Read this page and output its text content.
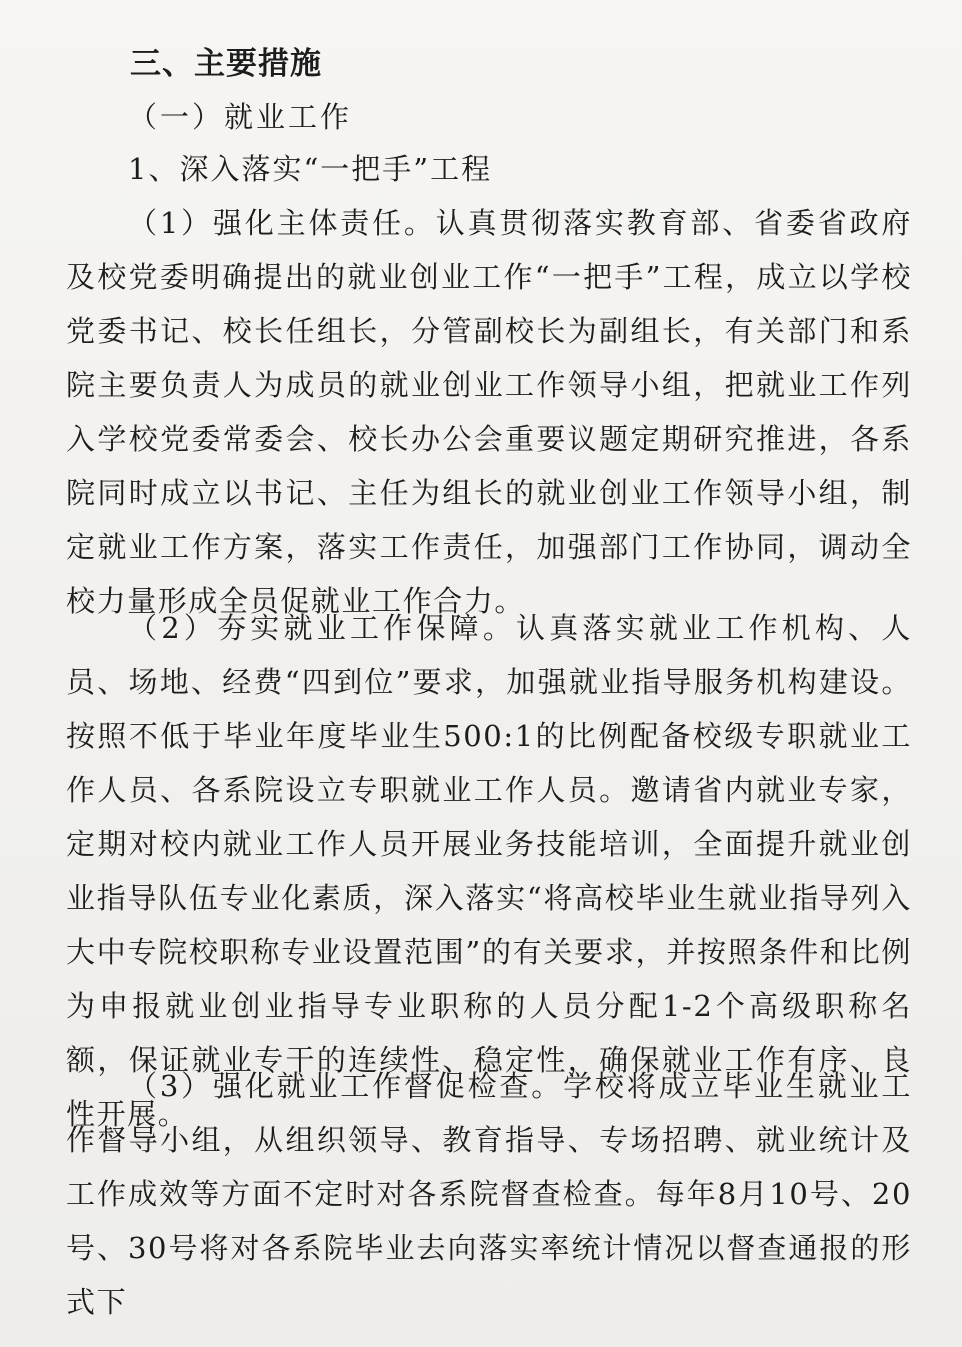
三、主要措施
（一）就业工作
1、深入落实“一把手”工程

（1）强化主体责任。认真贯彻落实教育部、省委省政府及校党委明确提出的就业创业工作“一把手”工程，成立以学校党委书记、校长任组长，分管副校长为副组长，有关部门和系院主要负责人为成员的就业创业工作领导小组，把就业工作列入学校党委常委会、校长办公会重要议题定期研究推进，各系院同时成立以书记、主任为组长的就业创业工作领导小组，制定就业工作方案，落实工作责任，加强部门工作协同，调动全校力量形成全员促就业工作合力。

（2）夯实就业工作保障。认真落实就业工作机构、人员、场地、经费“四到位”要求，加强就业指导服务机构建设。按照不低于毕业年度毕业生500:1的比例配备校级专职就业工作人员、各系院设立专职就业工作人员。邀请省内就业专家，定期对校内就业工作人员开展业务技能培训，全面提升就业创业指导队伍专业化素质，深入落实“将高校毕业生就业指导列入大中专院校职称专业设置范围”的有关要求，并按照条件和比例为申报就业创业指导专业职称的人员分配1-2个高级职称名额，保证就业专干的连续性、稳定性，确保就业工作有序、良性开展。

（3）强化就业工作督促检查。学校将成立毕业生就业工作督导小组，从组织领导、教育指导、专场招聘、就业统计及工作成效等方面不定时对各系院督查检查。每年8月10号、20号、30号将对各系院毕业去向落实率统计情况以督查通报的形式下
